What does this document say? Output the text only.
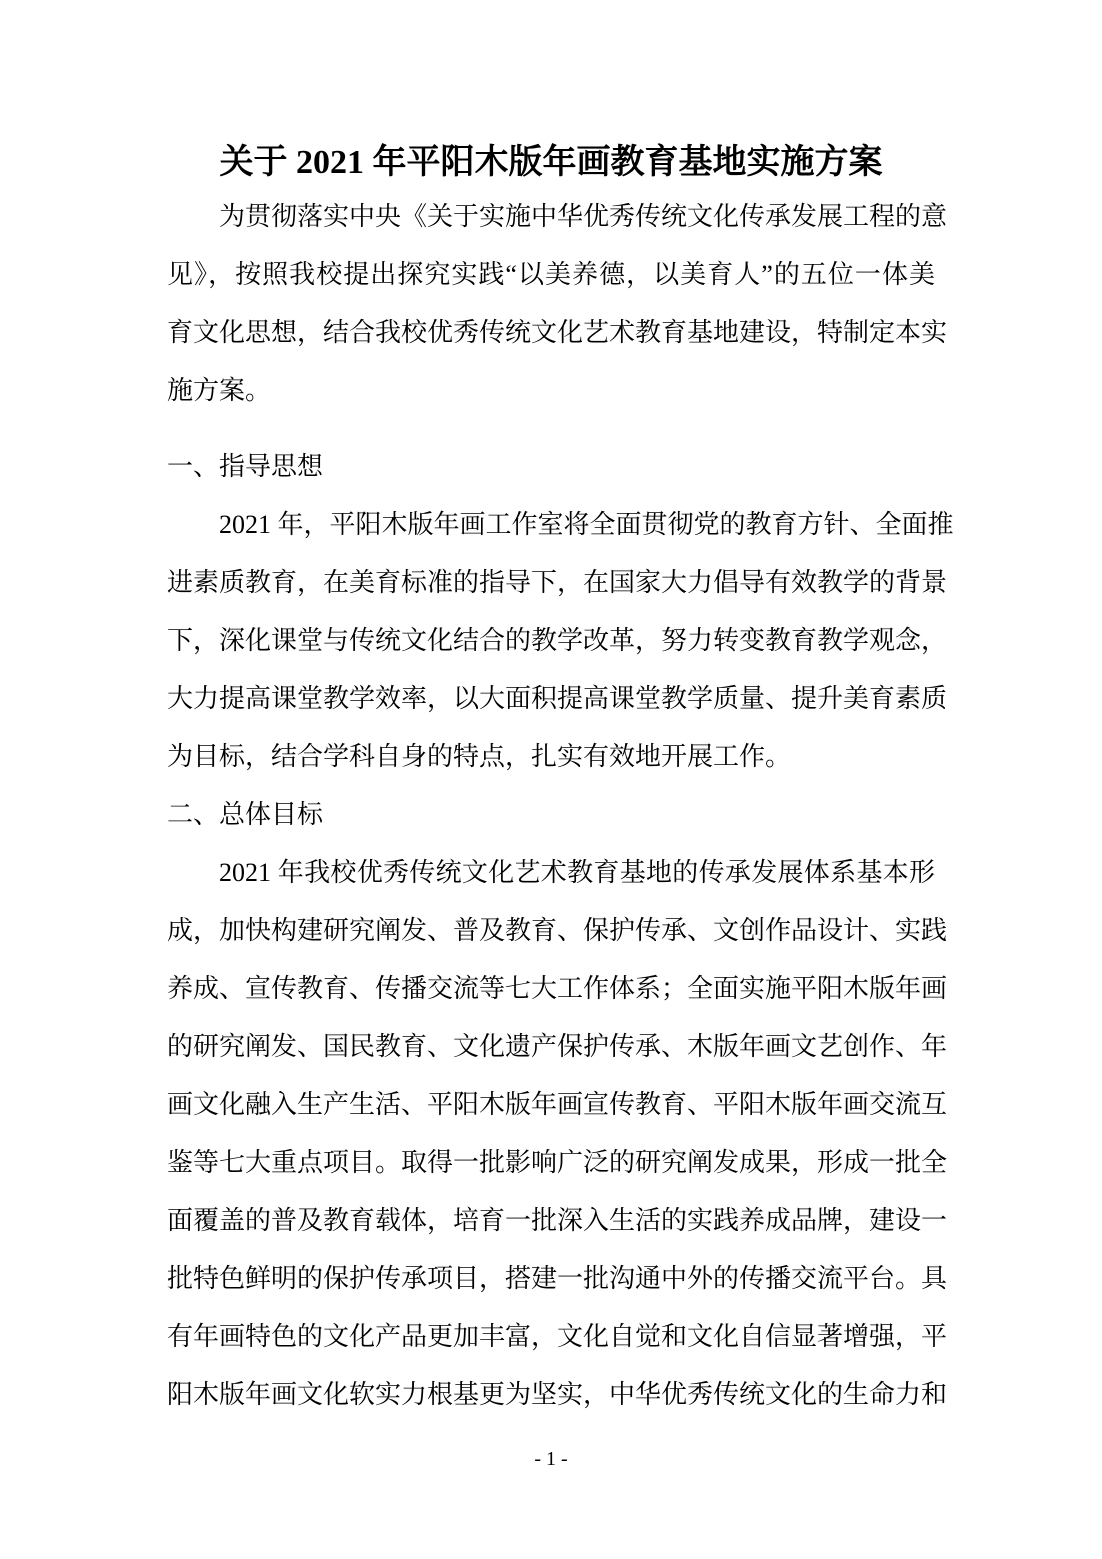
关于 2021 年平阳木版年画教育基地实施方案
为贯彻落实中央《关于实施中华优秀传统文化传承发展工程的意
见》，按照我校提出探究实践“以美养德，以美育人”的五位一体美
育文化思想，结合我校优秀传统文化艺术教育基地建设，特制定本实
施方案。
一、指导思想
2021 年，平阳木版年画工作室将全面贯彻党的教育方针、全面推
进素质教育，在美育标准的指导下，在国家大力倡导有效教学的背景
下，深化课堂与传统文化结合的教学改革，努力转变教育教学观念，
大力提高课堂教学效率，以大面积提高课堂教学质量、提升美育素质
为目标，结合学科自身的特点，扎实有效地开展工作。
二、总体目标
2021 年我校优秀传统文化艺术教育基地的传承发展体系基本形
成，加快构建研究阐发、普及教育、保护传承、文创作品设计、实践
养成、宣传教育、传播交流等七大工作体系；全面实施平阳木版年画
的研究阐发、国民教育、文化遗产保护传承、木版年画文艺创作、年
画文化融入生产生活、平阳木版年画宣传教育、平阳木版年画交流互
鉴等七大重点项目。取得一批影响广泛的研究阐发成果，形成一批全
面覆盖的普及教育载体，培育一批深入生活的实践养成品牌，建设一
批特色鲜明的保护传承项目，搭建一批沟通中外的传播交流平台。具
有年画特色的文化产品更加丰富，文化自觉和文化自信显著增强，平
阳木版年画文化软实力根基更为坚实，中华优秀传统文化的生命力和
- 1 -
